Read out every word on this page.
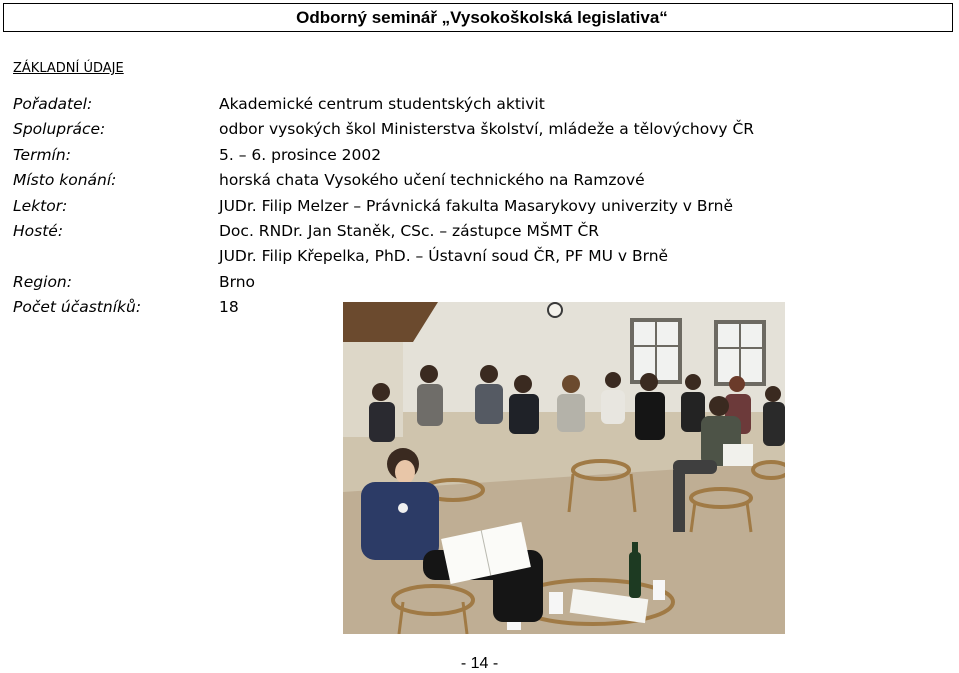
Odborný seminář „Vysokoškolská legislativa“
ZÁKLADNÍ ÚDAJE
Pořadatel:	Akademické centrum studentských aktivit
Spolupráce:	odbor vysokých škol Ministerstva školství, mládeže a tělovýchovy ČR
Termín:	5. – 6. prosince 2002
Místo konání:	horská chata Vysokého učení technického na Ramzové
Lektor:	JUDr. Filip Melzer – Právnická fakulta Masarykovy univerzity v Brně
Hosté:	Doc. RNDr. Jan Staněk, CSc. – zástupce MŠMT ČR
JUDr. Filip Křepelka, PhD. – Ústavní soud ČR, PF MU v Brně
Region:	Brno
Počet účastníků:	18
- 14 -
